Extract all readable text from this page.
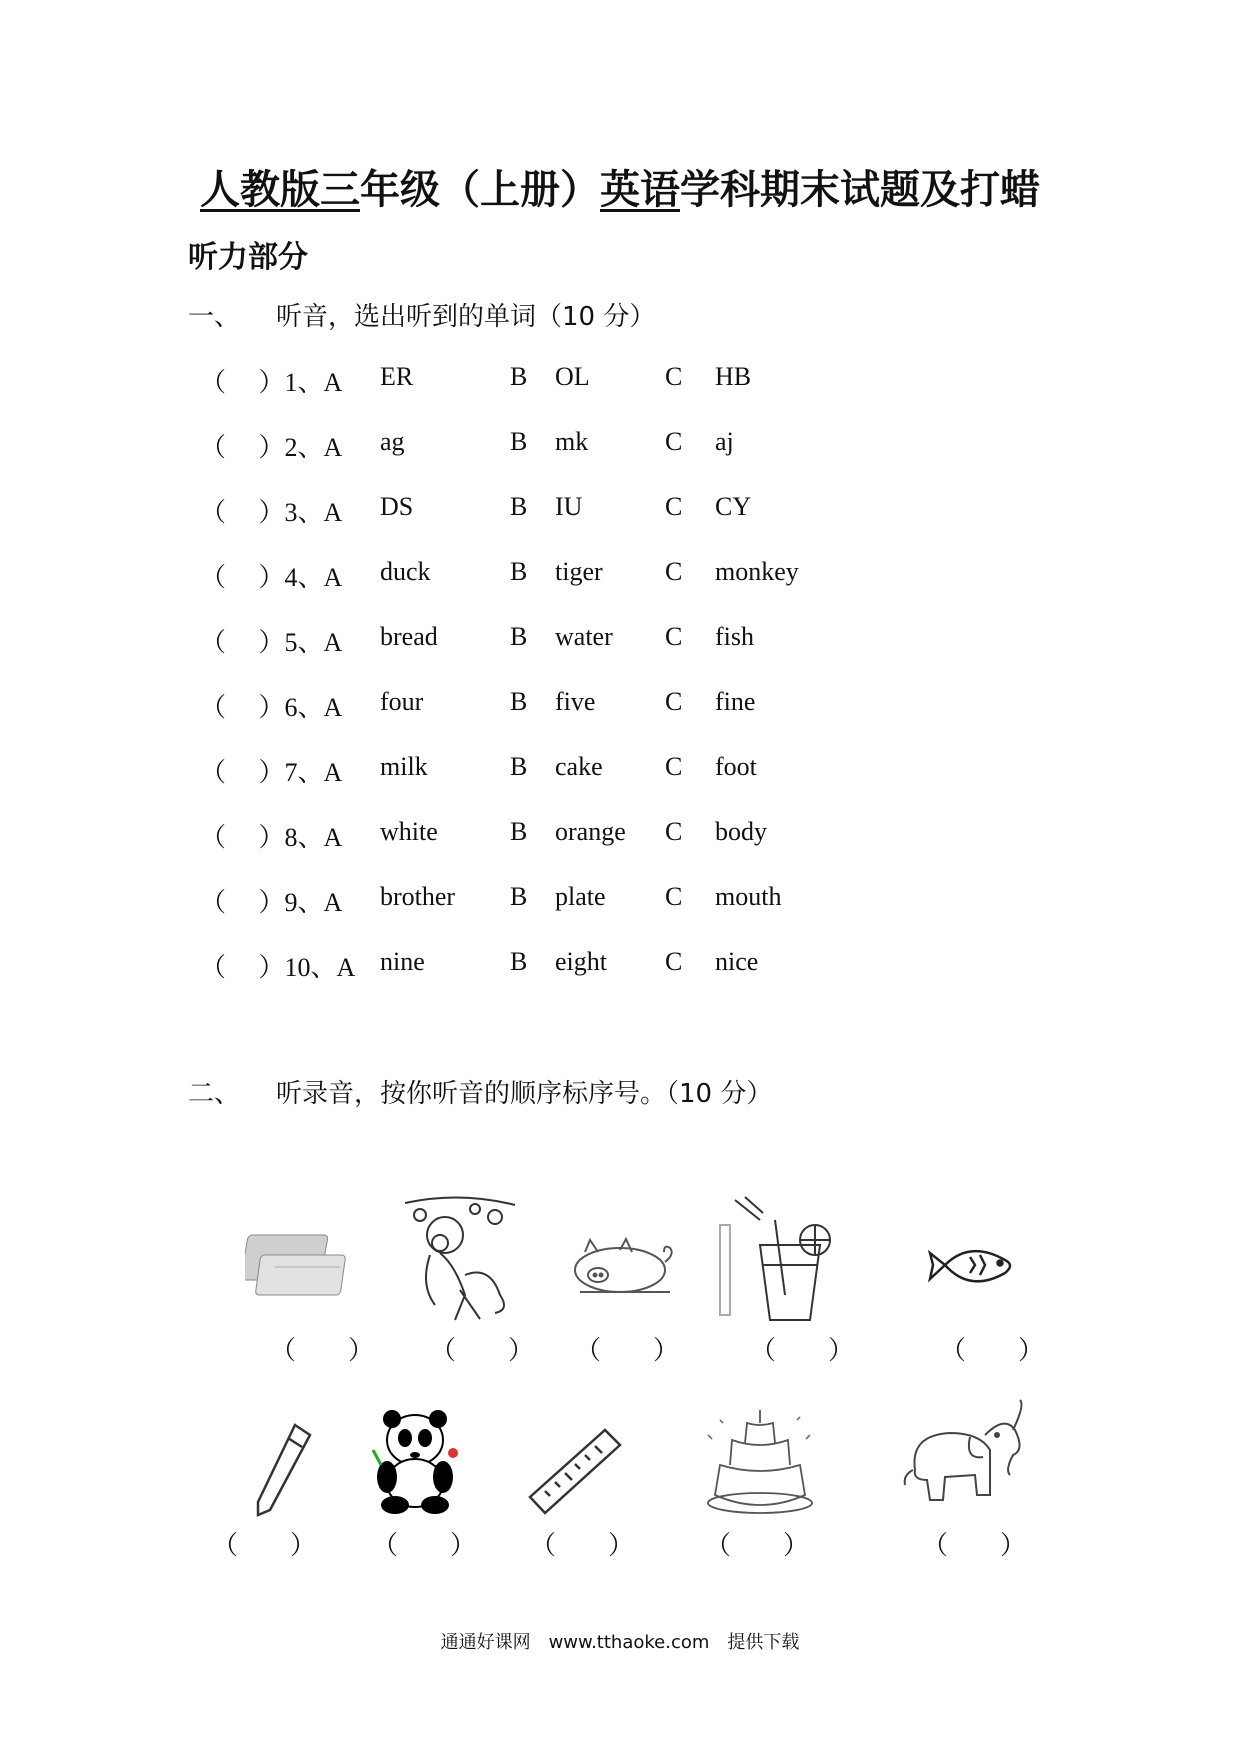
人教版三年级（上册）英语学科期末试题及打蜡
听力部分
一、 听音，选出听到的单词（10 分）
（　 ）1、A ER	B OL	C HB
（　 ）2、A ag	B mk	C aj
（　 ）3、A DS	B IU	C CY
（　 ）4、A duck	B tiger C monkey
（　 ）5、A bread	B water C fish
（　 ）6、A four	B five	C fine
（　 ）7、A milk	B cake C foot
（　 ）8、A white	B orange C body
（　 ）9、A brother B plate C mouth
（　 ）10、A nine	B eight C nice
二、 听录音，按你听音的顺序标序号。（10 分）
（　　） （　　） （　　）	（　　）	（　　）
（　　） （　　） （　　）	（　　）	（　　）
通通好课网　www.tthaoke.com　提供下载
